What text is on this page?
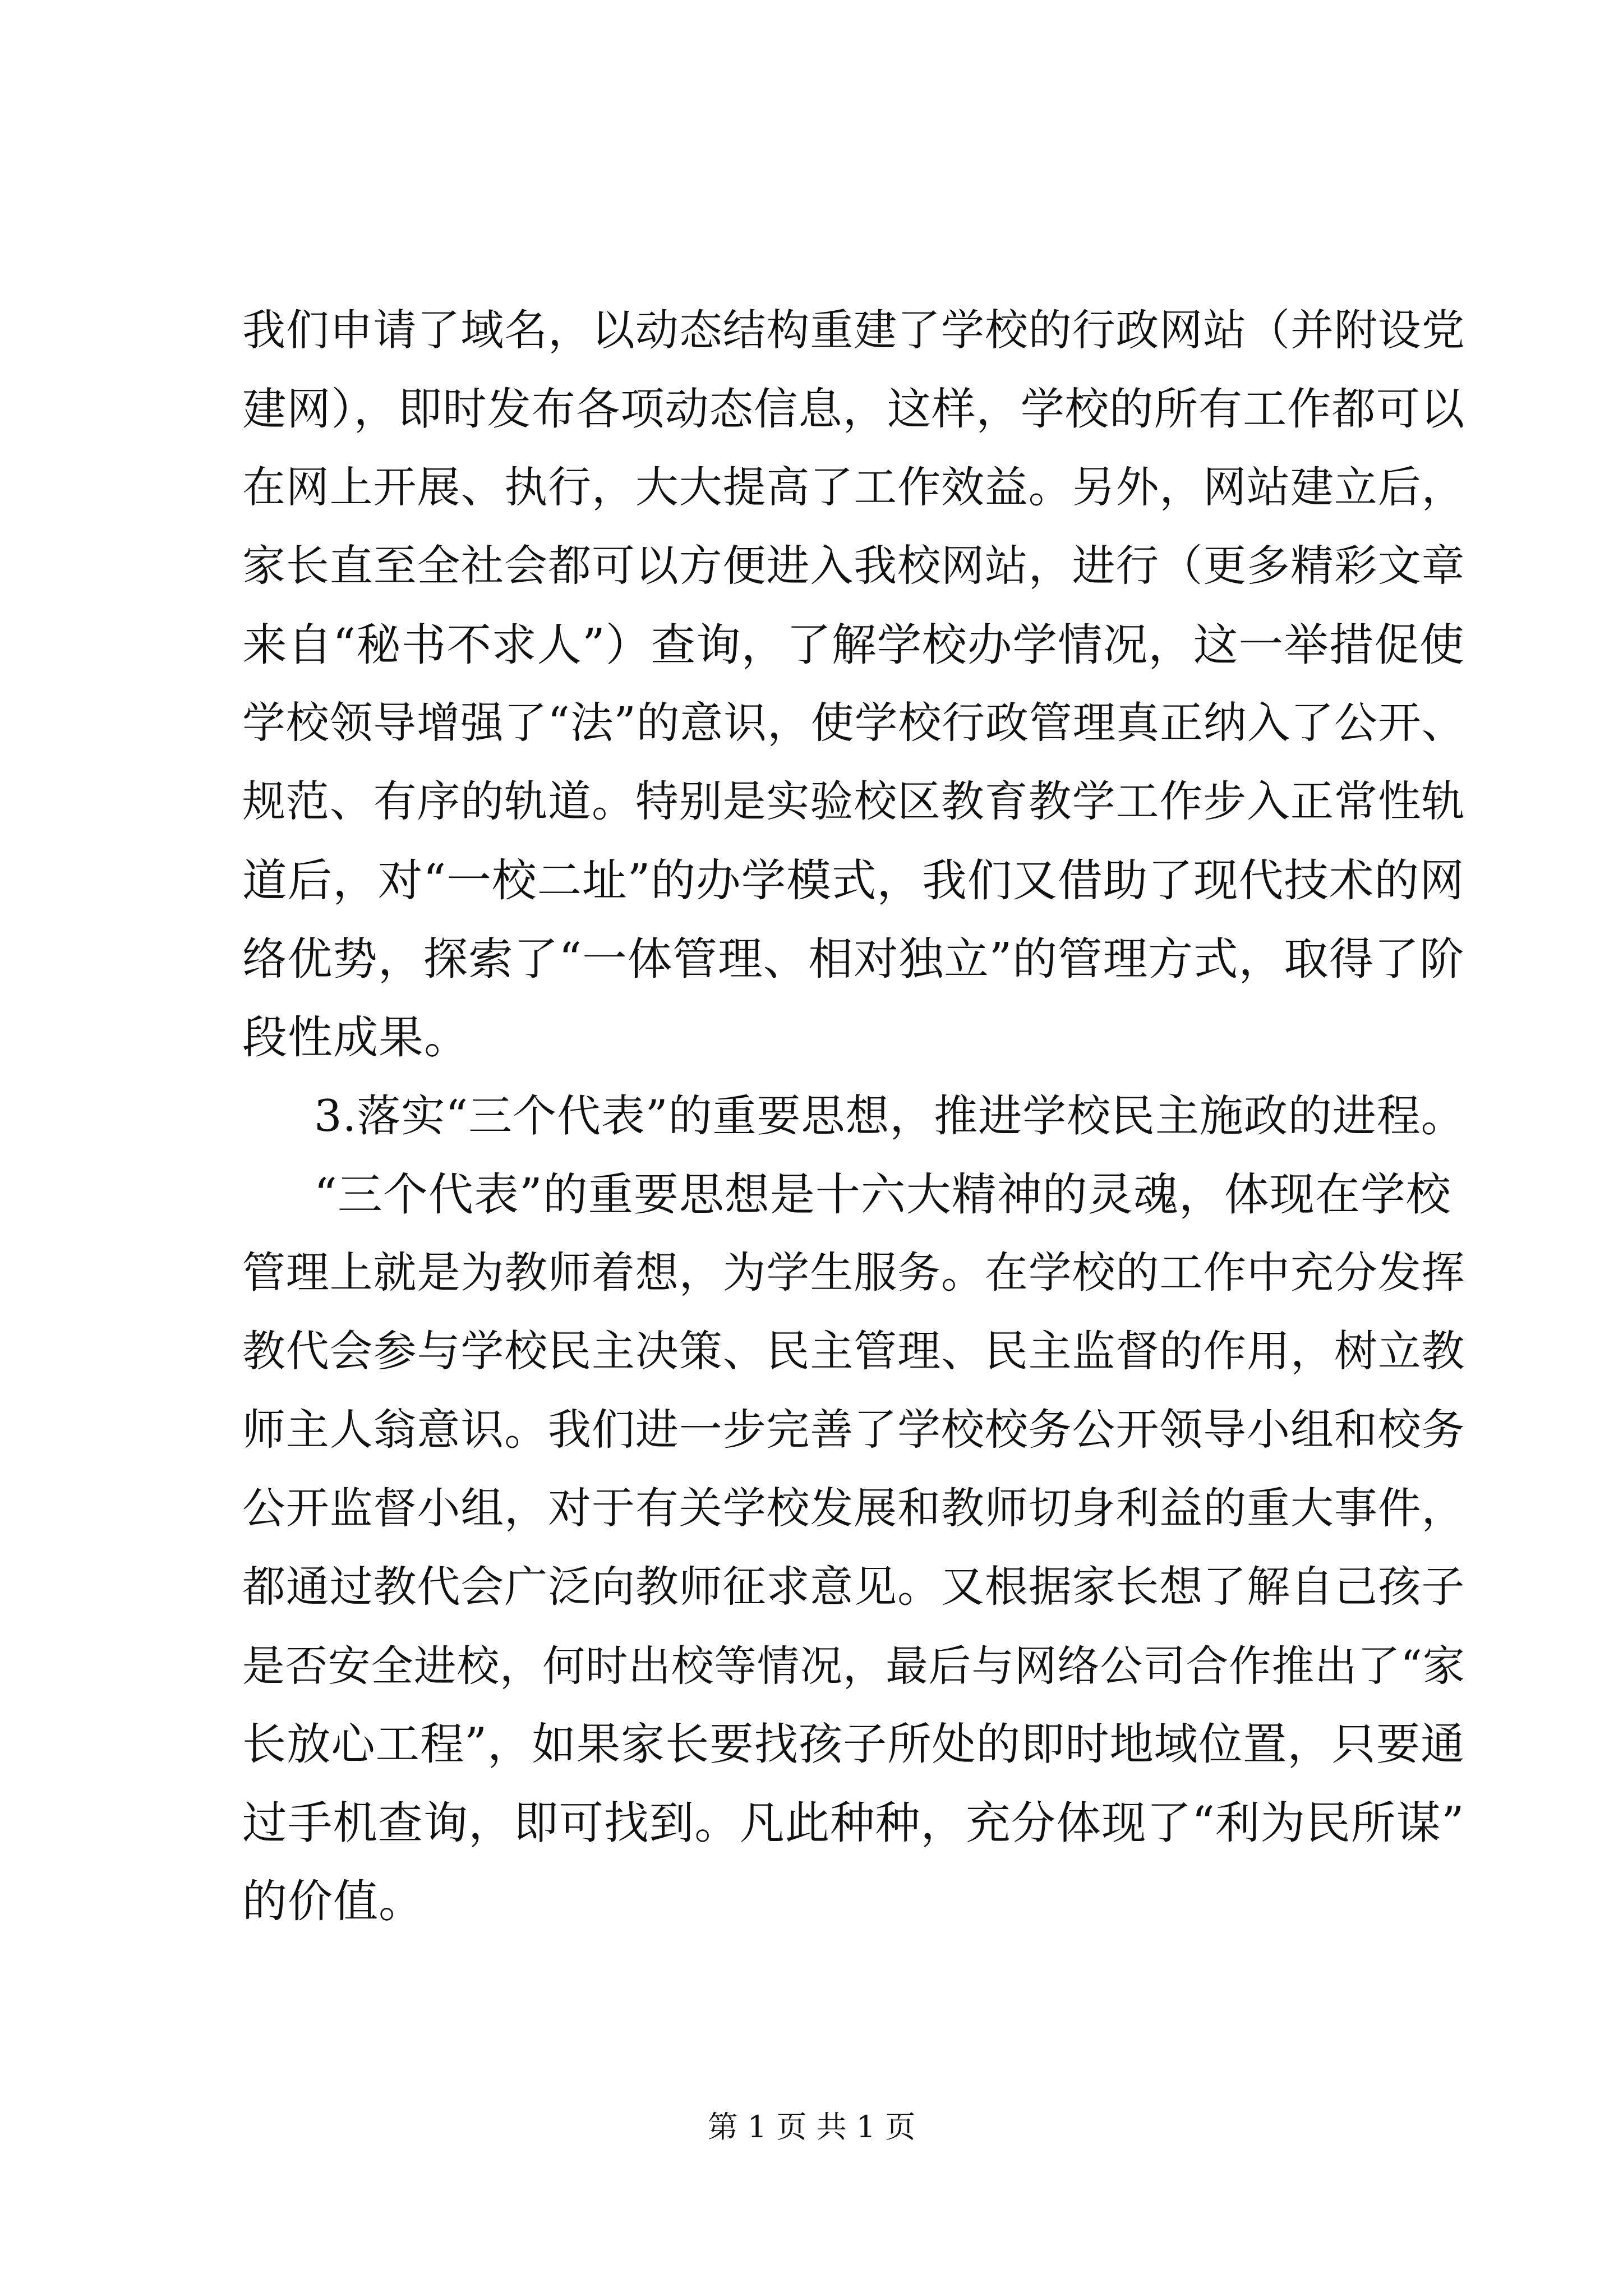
我们申请了域名，以动态结构重建了学校的行政网站（并附设党
建网），即时发布各项动态信息，这样，学校的所有工作都可以
在网上开展、执行，大大提高了工作效益。另外，网站建立后，
家长直至全社会都可以方便进入我校网站，进行（更多精彩文章
来自“秘书不求人”）查询，了解学校办学情况，这一举措促使
学校领导增强了“法”的意识，使学校行政管理真正纳入了公开、
规范、有序的轨道。特别是实验校区教育教学工作步入正常性轨
道后，对“一校二址”的办学模式，我们又借助了现代技术的网
络优势，探索了“一体管理、相对独立”的管理方式，取得了阶
段性成果。
3.落实“三个代表”的重要思想，推进学校民主施政的进程。
“三个代表”的重要思想是十六大精神的灵魂，体现在学校
管理上就是为教师着想，为学生服务。在学校的工作中充分发挥
教代会参与学校民主决策、民主管理、民主监督的作用，树立教
师主人翁意识。我们进一步完善了学校校务公开领导小组和校务
公开监督小组，对于有关学校发展和教师切身利益的重大事件，
都通过教代会广泛向教师征求意见。又根据家长想了解自己孩子
是否安全进校，何时出校等情况，最后与网络公司合作推出了“家
长放心工程”，如果家长要找孩子所处的即时地域位置，只要通
过手机查询，即可找到。凡此种种，充分体现了“利为民所谋”
的价值。
第 1 页 共 1 页
